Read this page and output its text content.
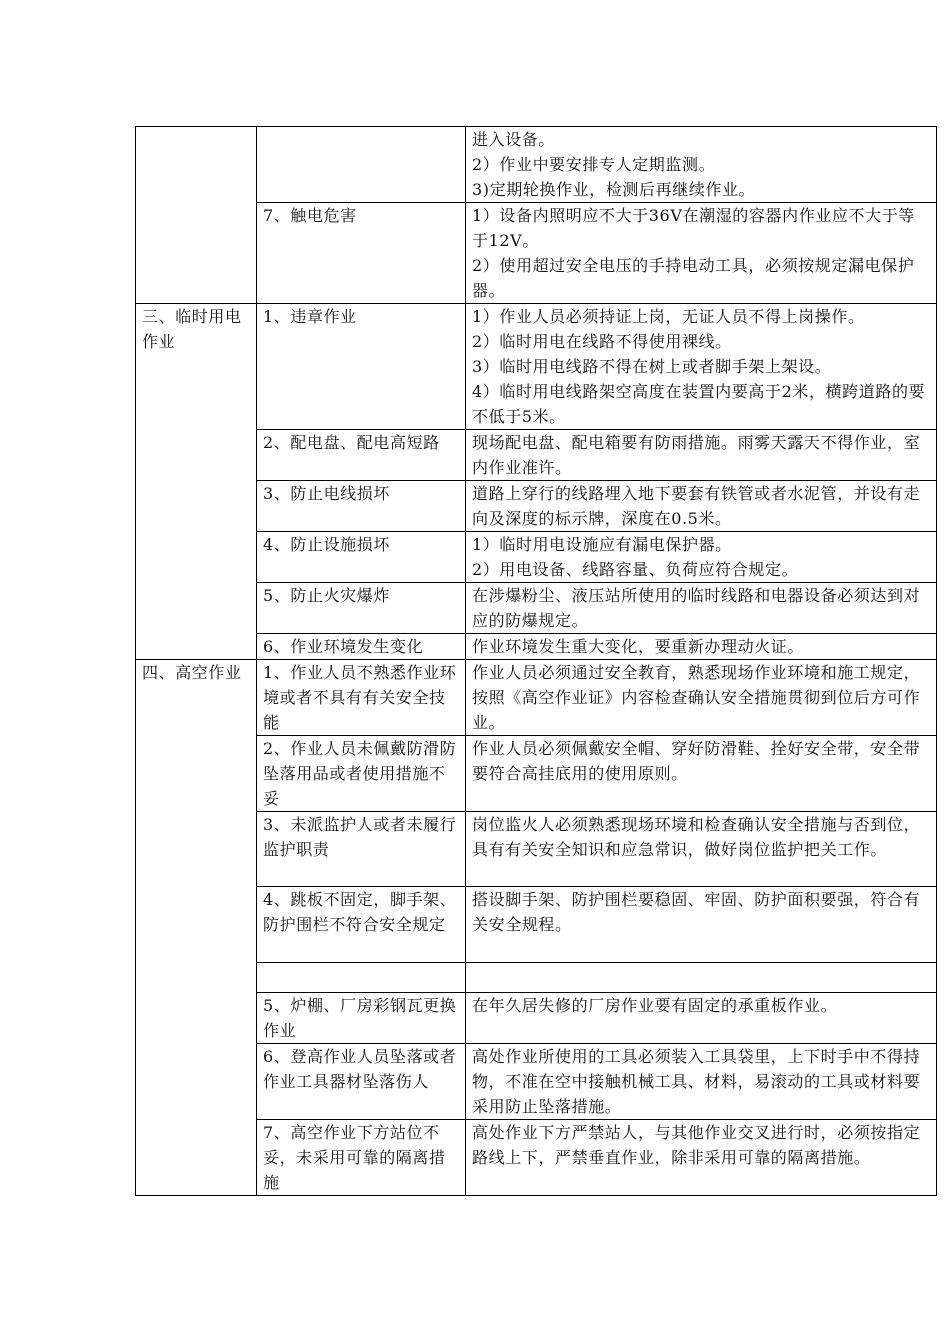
		进入设备。
2）作业中要安排专人定期监测。
3)定期轮换作业，检测后再继续作业。

	7、触电危害	1）设备内照明应不大于36V在潮湿的容器内作业应不大于等于12V。
2）使用超过安全电压的手持电动工具，必须按规定漏电保护器。

三、临时用电作业	1、违章作业	1）作业人员必须持证上岗，无证人员不得上岗操作。
2）临时用电在线路不得使用裸线。
3）临时用电线路不得在树上或者脚手架上架设。
4）临时用电线路架空高度在装置内要高于2米，横跨道路的要不低于5米。

	2、配电盘、配电高短路	现场配电盘、配电箱要有防雨措施。雨雾天露天不得作业，室内作业准许。
	3、防止电线损坏	道路上穿行的线路埋入地下要套有铁管或者水泥管，并设有走向及深度的标示牌，深度在0.5米。
	4、防止设施损坏	1）临时用电设施应有漏电保护器。
2）用电设备、线路容量、负荷应符合规定。

	5、防止火灾爆炸	在涉爆粉尘、液压站所使用的临时线路和电器设备必须达到对应的防爆规定。
	6、作业环境发生变化	作业环境发生重大变化，要重新办理动火证。
四、高空作业	1、作业人员不熟悉作业环境或者不具有有关安全技能	作业人员必须通过安全教育，熟悉现场作业环境和施工规定，按照《高空作业证》内容检查确认安全措施贯彻到位后方可作业。
	2、作业人员未佩戴防滑防坠落用品或者使用措施不妥	作业人员必须佩戴安全帽、穿好防滑鞋、拴好安全带，安全带要符合高挂底用的使用原则。
	3、未派监护人或者未履行监护职责	岗位监火人必须熟悉现场环境和检查确认安全措施与否到位，具有有关安全知识和应急常识，做好岗位监护把关工作。
	4、跳板不固定，脚手架、防护围栏不符合安全规定	搭设脚手架、防护围栏要稳固、牢固、防护面积要强，符合有关安全规程。

	5、炉棚、厂房彩钢瓦更换作业	在年久居失修的厂房作业要有固定的承重板作业。
	6、登高作业人员坠落或者作业工具器材坠落伤人	高处作业所使用的工具必须装入工具袋里，上下时手中不得持物，不准在空中接触机械工具、材料，易滚动的工具或材料要采用防止坠落措施。
	7、高空作业下方站位不妥，未采用可靠的隔离措施	高处作业下方严禁站人，与其他作业交叉进行时，必须按指定路线上下，严禁垂直作业，除非采用可靠的隔离措施。
